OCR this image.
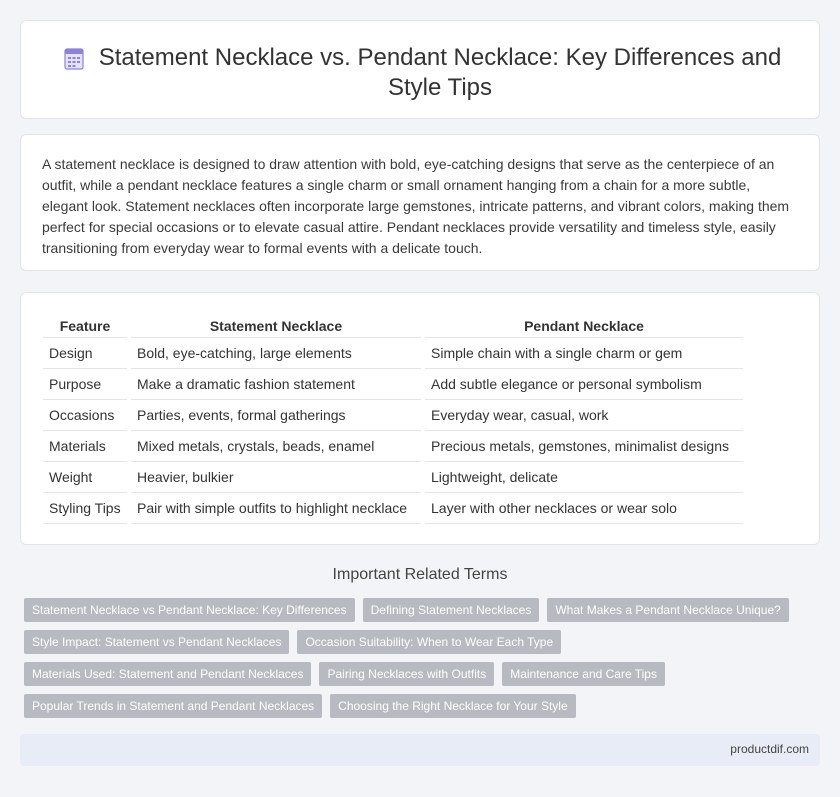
Statement Necklace vs. Pendant Necklace: Key Differences and Style Tips

A statement necklace is designed to draw attention with bold, eye-catching designs that serve as the centerpiece of an outfit, while a pendant necklace features a single charm or small ornament hanging from a chain for a more subtle, elegant look. Statement necklaces often incorporate large gemstones, intricate patterns, and vibrant colors, making them perfect for special occasions or to elevate casual attire. Pendant necklaces provide versatility and timeless style, easily transitioning from everyday wear to formal events with a delicate touch.

Feature	Statement Necklace	Pendant Necklace
Design	Bold, eye-catching, large elements	Simple chain with a single charm or gem
Purpose	Make a dramatic fashion statement	Add subtle elegance or personal symbolism
Occasions	Parties, events, formal gatherings	Everyday wear, casual, work
Materials	Mixed metals, crystals, beads, enamel	Precious metals, gemstones, minimalist designs
Weight	Heavier, bulkier	Lightweight, delicate
Styling Tips	Pair with simple outfits to highlight necklace	Layer with other necklaces or wear solo
Important Related Terms
Statement Necklace vs Pendant Necklace: Key Differences	Defining Statement Necklaces	What Makes a Pendant Necklace Unique?
Style Impact: Statement vs Pendant Necklaces	Occasion Suitability: When to Wear Each Type
Materials Used: Statement and Pendant Necklaces	Pairing Necklaces with Outfits	Maintenance and Care Tips
Popular Trends in Statement and Pendant Necklaces	Choosing the Right Necklace for Your Style
productdif.com
